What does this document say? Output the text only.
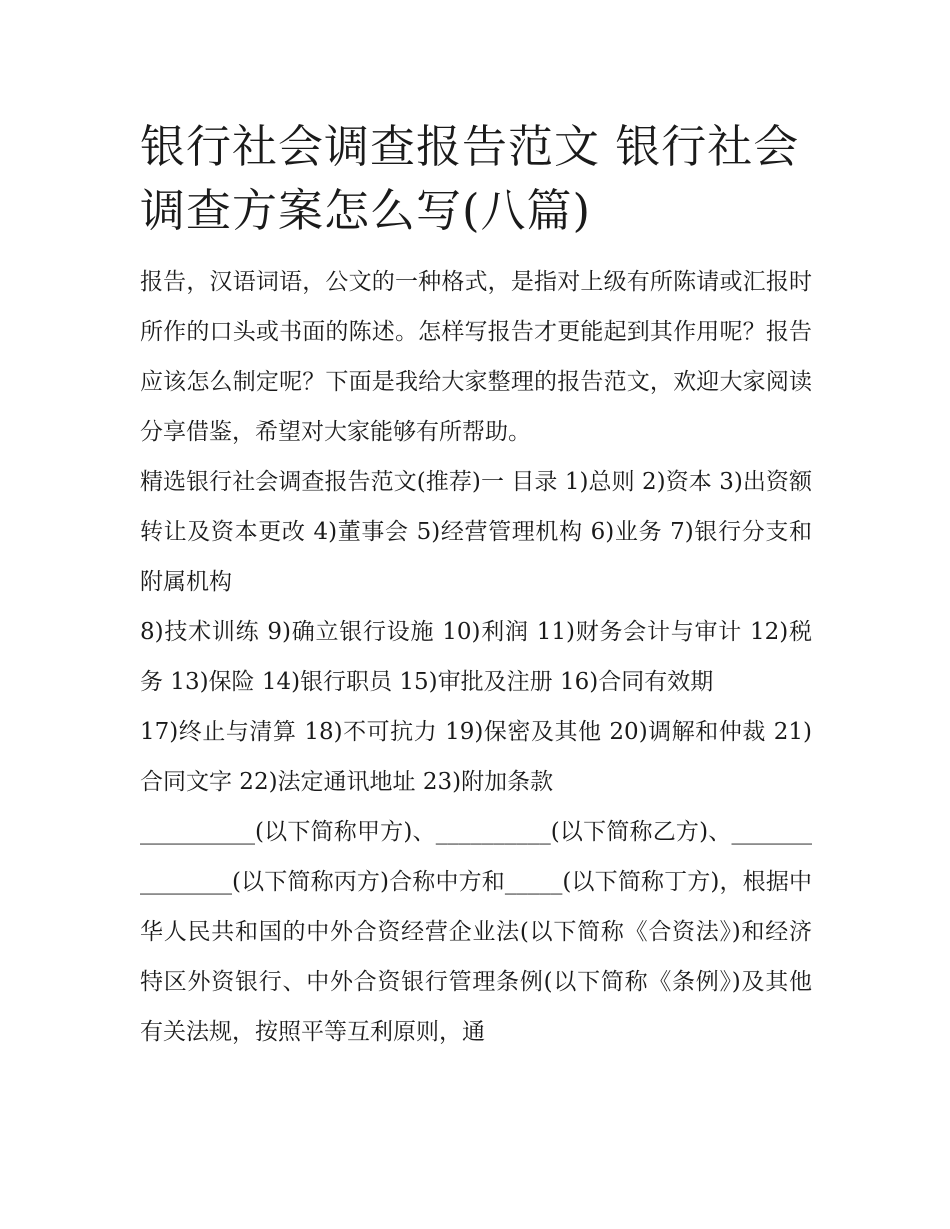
银行社会调查报告范文 银行社会调查方案怎么写(八篇)

报告，汉语词语，公文的一种格式，是指对上级有所陈请或汇报时所作的口头或书面的陈述。怎样写报告才更能起到其作用呢？报告应该怎么制定呢？下面是我给大家整理的报告范文，欢迎大家阅读分享借鉴，希望对大家能够有所帮助。

精选银行社会调查报告范文(推荐)一 目录 1)总则 2)资本 3)出资额转让及资本更改 4)董事会 5)经营管理机构 6)业务 7)银行分支和附属机构

8)技术训练 9)确立银行设施 10)利润 11)财务会计与审计 12)税务 13)保险 14)银行职员 15)审批及注册 16)合同有效期

17)终止与清算 18)不可抗力 19)保密及其他 20)调解和仲裁 21)合同文字 22)法定通讯地址 23)附加条款

__________(以下简称甲方)、__________(以下简称乙方)、_______________(以下简称丙方)合称中方和_____(以下简称丁方)，根据中华人民共和国的中外合资经营企业法(以下简称《合资法》)和经济特区外资银行、中外合资银行管理条例(以下简称《条例》)及其他有关法规，按照平等互利原则，通
